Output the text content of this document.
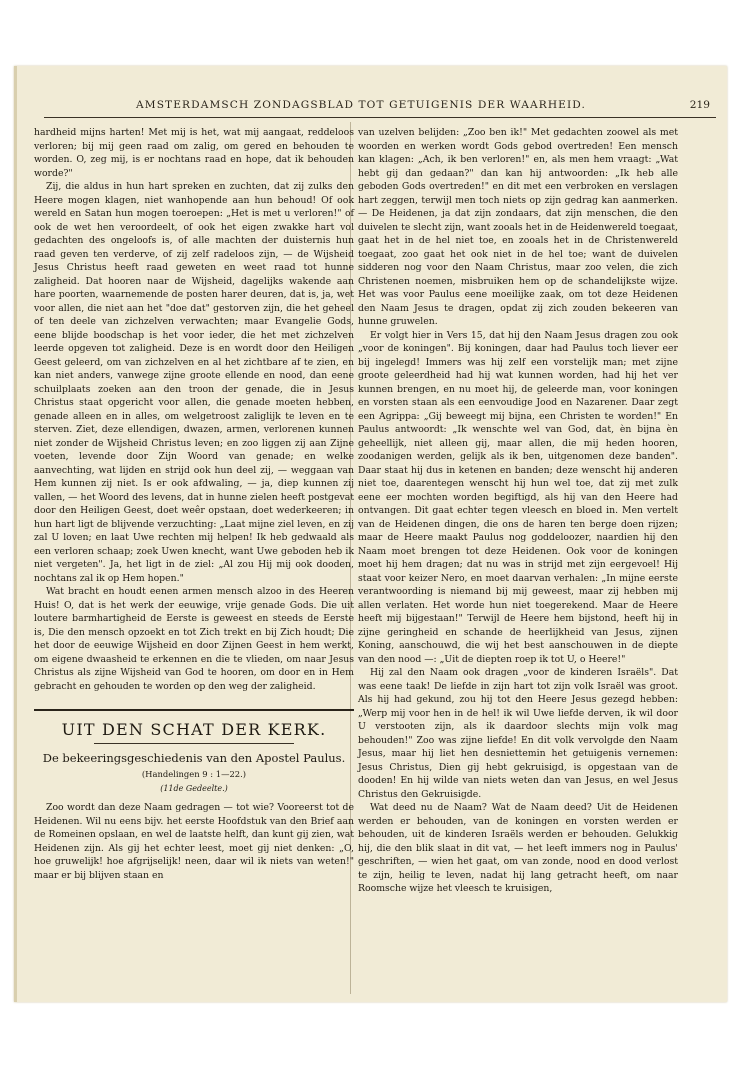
AMSTERDAMSCH ZONDAGSBLAD TOT GETUIGENIS DER WAARHEID.	219

hardheid mijns harten! Met mij is het, wat mij aangaat, reddeloos verloren; bij mij geen raad om zalig, om gered en behouden te worden. O, zeg mij, is er nochtans raad en hope, dat ik behouden worde?"

Zij, die aldus in hun hart spreken en zuchten, dat zij zulks den Heere mogen klagen, niet wanhopende aan hun behoud! Of ook wereld en Satan hun mogen toeroepen: „Het is met u verloren!" of ook de wet hen veroordeelt, of ook het eigen zwakke hart vol gedachten des ongeloofs is, of alle machten der duisternis hun raad geven ten verderve, of zij zelf radeloos zijn, — de Wijsheid Jesus Christus heeft raad geweten en weet raad tot hunne zaligheid. Dat hooren naar de Wijsheid, dagelijks wakende aan hare poorten, waarnemende de posten harer deuren, dat is, ja, wet voor allen, die niet aan het "doe dat" gestorven zijn, die het geheel of ten deele van zichzelven verwachten; maar Evangelie Gods, eene blijde boodschap is het voor ieder, die het met zichzelven leerde opgeven tot zaligheid. Deze is en wordt door den Heiligen Geest geleerd, om van zichzelven en al het zichtbare af te zien, en kan niet anders, vanwege zijne groote ellende en nood, dan eene schuilplaats zoeken aan den troon der genade, die in Jesus Christus staat opgericht voor allen, die genade moeten hebben, genade alleen en in alles, om welgetroost zaliglijk te leven en te sterven. Ziet, deze ellendigen, dwazen, armen, verlorenen kunnen niet zonder de Wijsheid Christus leven; en zoo liggen zij aan Zijne voeten, levende door Zijn Woord van genade; en welke aanvechting, wat lijden en strijd ook hun deel zij, — weggaan van Hem kunnen zij niet. Is er ook afdwaling, — ja, diep kunnen zij vallen, — het Woord des levens, dat in hunne zielen heeft postgevat door den Heiligen Geest, doet weêr opstaan, doet wederkeeren; in hun hart ligt de blijvende verzuchting: „Laat mijne ziel leven, en zij zal U loven; en laat Uwe rechten mij helpen! Ik heb gedwaald als een verloren schaap; zoek Uwen knecht, want Uwe geboden heb ik niet vergeten". Ja, het ligt in de ziel: „Al zou Hij mij ook dooden, nochtans zal ik op Hem hopen."

Wat bracht en houdt eenen armen mensch alzoo in des Heeren Huis! O, dat is het werk der eeuwige, vrije genade Gods. Die uit loutere barmhartigheid de Eerste is geweest en steeds de Eerste is, Die den mensch opzoekt en tot Zich trekt en bij Zich houdt; Die het door de eeuwige Wijsheid en door Zijnen Geest in hem werkt, om eigene dwaasheid te erkennen en die te vlieden, om naar Jesus Christus als zijne Wijsheid van God te hooren, om door en in Hem gebracht en gehouden te worden op den weg der zaligheid.

UIT DEN SCHAT DER KERK.
De bekeeringsgeschiedenis van den Apostel Paulus.
(Handelingen 9 : 1—22.)
(11de Gedeelte.)

Zoo wordt dan deze Naam gedragen — tot wie? Vooreerst tot de Heidenen. Wil nu eens bijv. het eerste Hoofdstuk van den Brief aan de Romeinen opslaan, en wel de laatste helft, dan kunt gij zien, wat Heidenen zijn. Als gij het echter leest, moet gij niet denken: „O, hoe gruwelijk! hoe afgrijselijk! neen, daar wil ik niets van weten!" maar er bij blijven staan en

van uzelven belijden: „Zoo ben ik!" Met gedachten zoowel als met woorden en werken wordt Gods gebod overtreden! Een mensch kan klagen: „Ach, ik ben verloren!" en, als men hem vraagt: „Wat hebt gij dan gedaan?" dan kan hij antwoorden: „Ik heb alle geboden Gods overtreden!" en dit met een verbroken en verslagen hart zeggen, terwijl men toch niets op zijn gedrag kan aanmerken. — De Heidenen, ja dat zijn zondaars, dat zijn menschen, die den duivelen te slecht zijn, want zooals het in de Heidenwereld toegaat, gaat het in de hel niet toe, en zooals het in de Christenwereld toegaat, zoo gaat het ook niet in de hel toe; want de duivelen sidderen nog voor den Naam Christus, maar zoo velen, die zich Christenen noemen, misbruiken hem op de schandelijkste wijze. Het was voor Paulus eene moeilijke zaak, om tot deze Heidenen den Naam Jesus te dragen, opdat zij zich zouden bekeeren van hunne gruwelen.

Er volgt hier in Vers 15, dat hij den Naam Jesus dragen zou ook „voor de koningen". Bij koningen, daar had Paulus toch liever eer bij ingelegd! Immers was hij zelf een vorstelijk man; met zijne groote geleerdheid had hij wat kunnen worden, had hij het ver kunnen brengen, en nu moet hij, de geleerde man, voor koningen en vorsten staan als een eenvoudige Jood en Nazarener. Daar zegt een Agrippa: „Gij beweegt mij bijna, een Christen te worden!" En Paulus antwoordt: „Ik wenschte wel van God, dat, èn bijna èn geheellijk, niet alleen gij, maar allen, die mij heden hooren, zoodanigen werden, gelijk als ik ben, uitgenomen deze banden". Daar staat hij dus in ketenen en banden; deze wenscht hij anderen niet toe, daarentegen wenscht hij hun wel toe, dat zij met zulk eene eer mochten worden begiftigd, als hij van den Heere had ontvangen. Dit gaat echter tegen vleesch en bloed in. Men vertelt van de Heidenen dingen, die ons de haren ten berge doen rijzen; maar de Heere maakt Paulus nog goddeloozer, naardien hij den Naam moet brengen tot deze Heidenen. Ook voor de koningen moet hij hem dragen; dat nu was in strijd met zijn eergevoel! Hij staat voor keizer Nero, en moet daarvan verhalen: „In mijne eerste verantwoording is niemand bij mij geweest, maar zij hebben mij allen verlaten. Het worde hun niet toegerekend. Maar de Heere heeft mij bijgestaan!" Terwijl de Heere hem bijstond, heeft hij in zijne geringheid en schande de heerlijkheid van Jesus, zijnen Koning, aanschouwd, die wij het best aanschouwen in de diepte van den nood —: „Uit de diepten roep ik tot U, o Heere!"

Hij zal den Naam ook dragen „voor de kinderen Israëls". Dat was eene taak! De liefde in zijn hart tot zijn volk Israël was groot. Als hij had gekund, zou hij tot den Heere Jesus gezegd hebben: „Werp mij voor hen in de hel! ik wil Uwe liefde derven, ik wil door U verstooten zijn, als ik daardoor slechts mijn volk mag behouden!" Zoo was zijne liefde! En dit volk vervolgde den Naam Jesus, maar hij liet hen desniettemin het getuigenis vernemen: Jesus Christus, Dien gij hebt gekruisigd, is opgestaan van de dooden! En hij wilde van niets weten dan van Jesus, en wel Jesus Christus den Gekruisigde.

Wat deed nu de Naam? Wat de Naam deed? Uit de Heidenen werden er behouden, van de koningen en vorsten werden er behouden, uit de kinderen Israëls werden er behouden. Gelukkig hij, die den blik slaat in dit vat, — het leeft immers nog in Paulus' geschriften, — wien het gaat, om van zonde, nood en dood verlost te zijn, heilig te leven, nadat hij lang getracht heeft, om naar Roomsche wijze het vleesch te kruisigen,
